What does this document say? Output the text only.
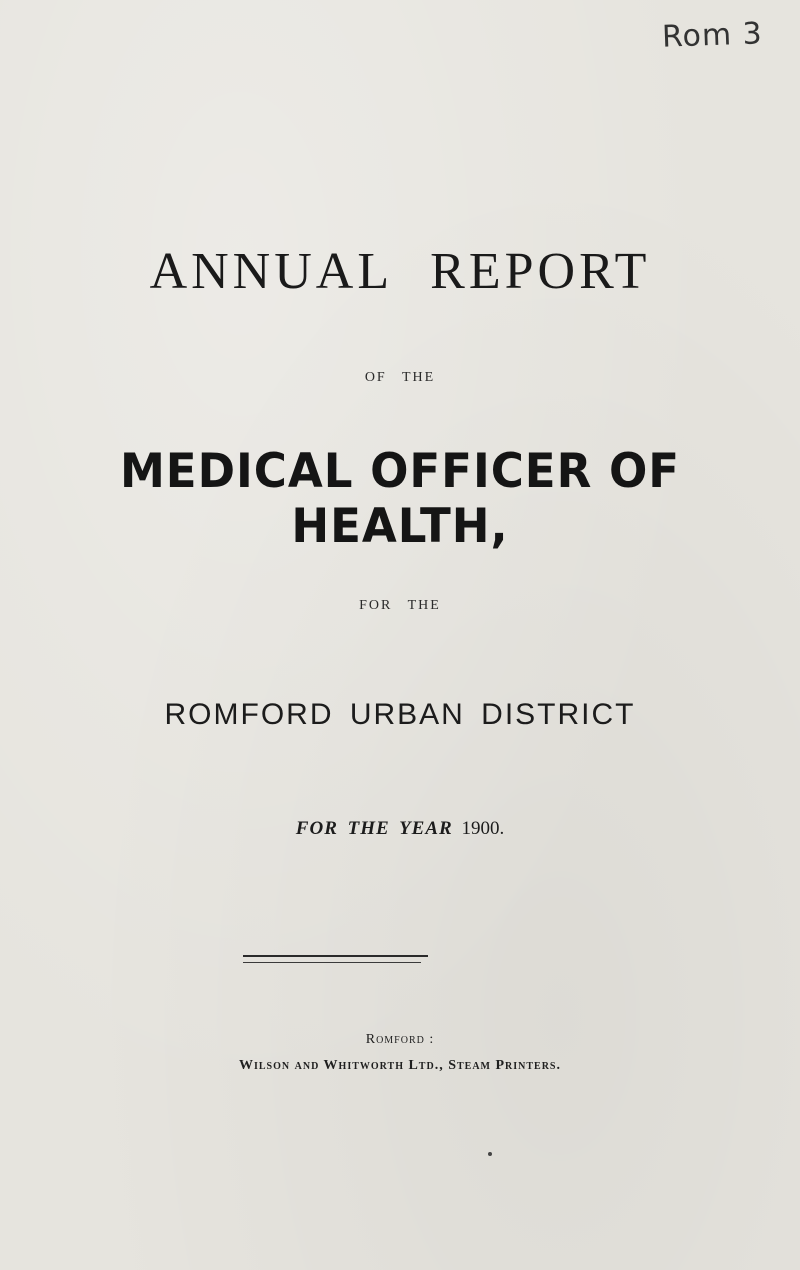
Rom 3
ANNUAL REPORT
OF THE
MEDICAL OFFICER OF HEALTH,
FOR THE
ROMFORD URBAN DISTRICT
FOR THE YEAR 1900.
Romford :
Wilson and Whitworth Ltd., Steam Printers.
